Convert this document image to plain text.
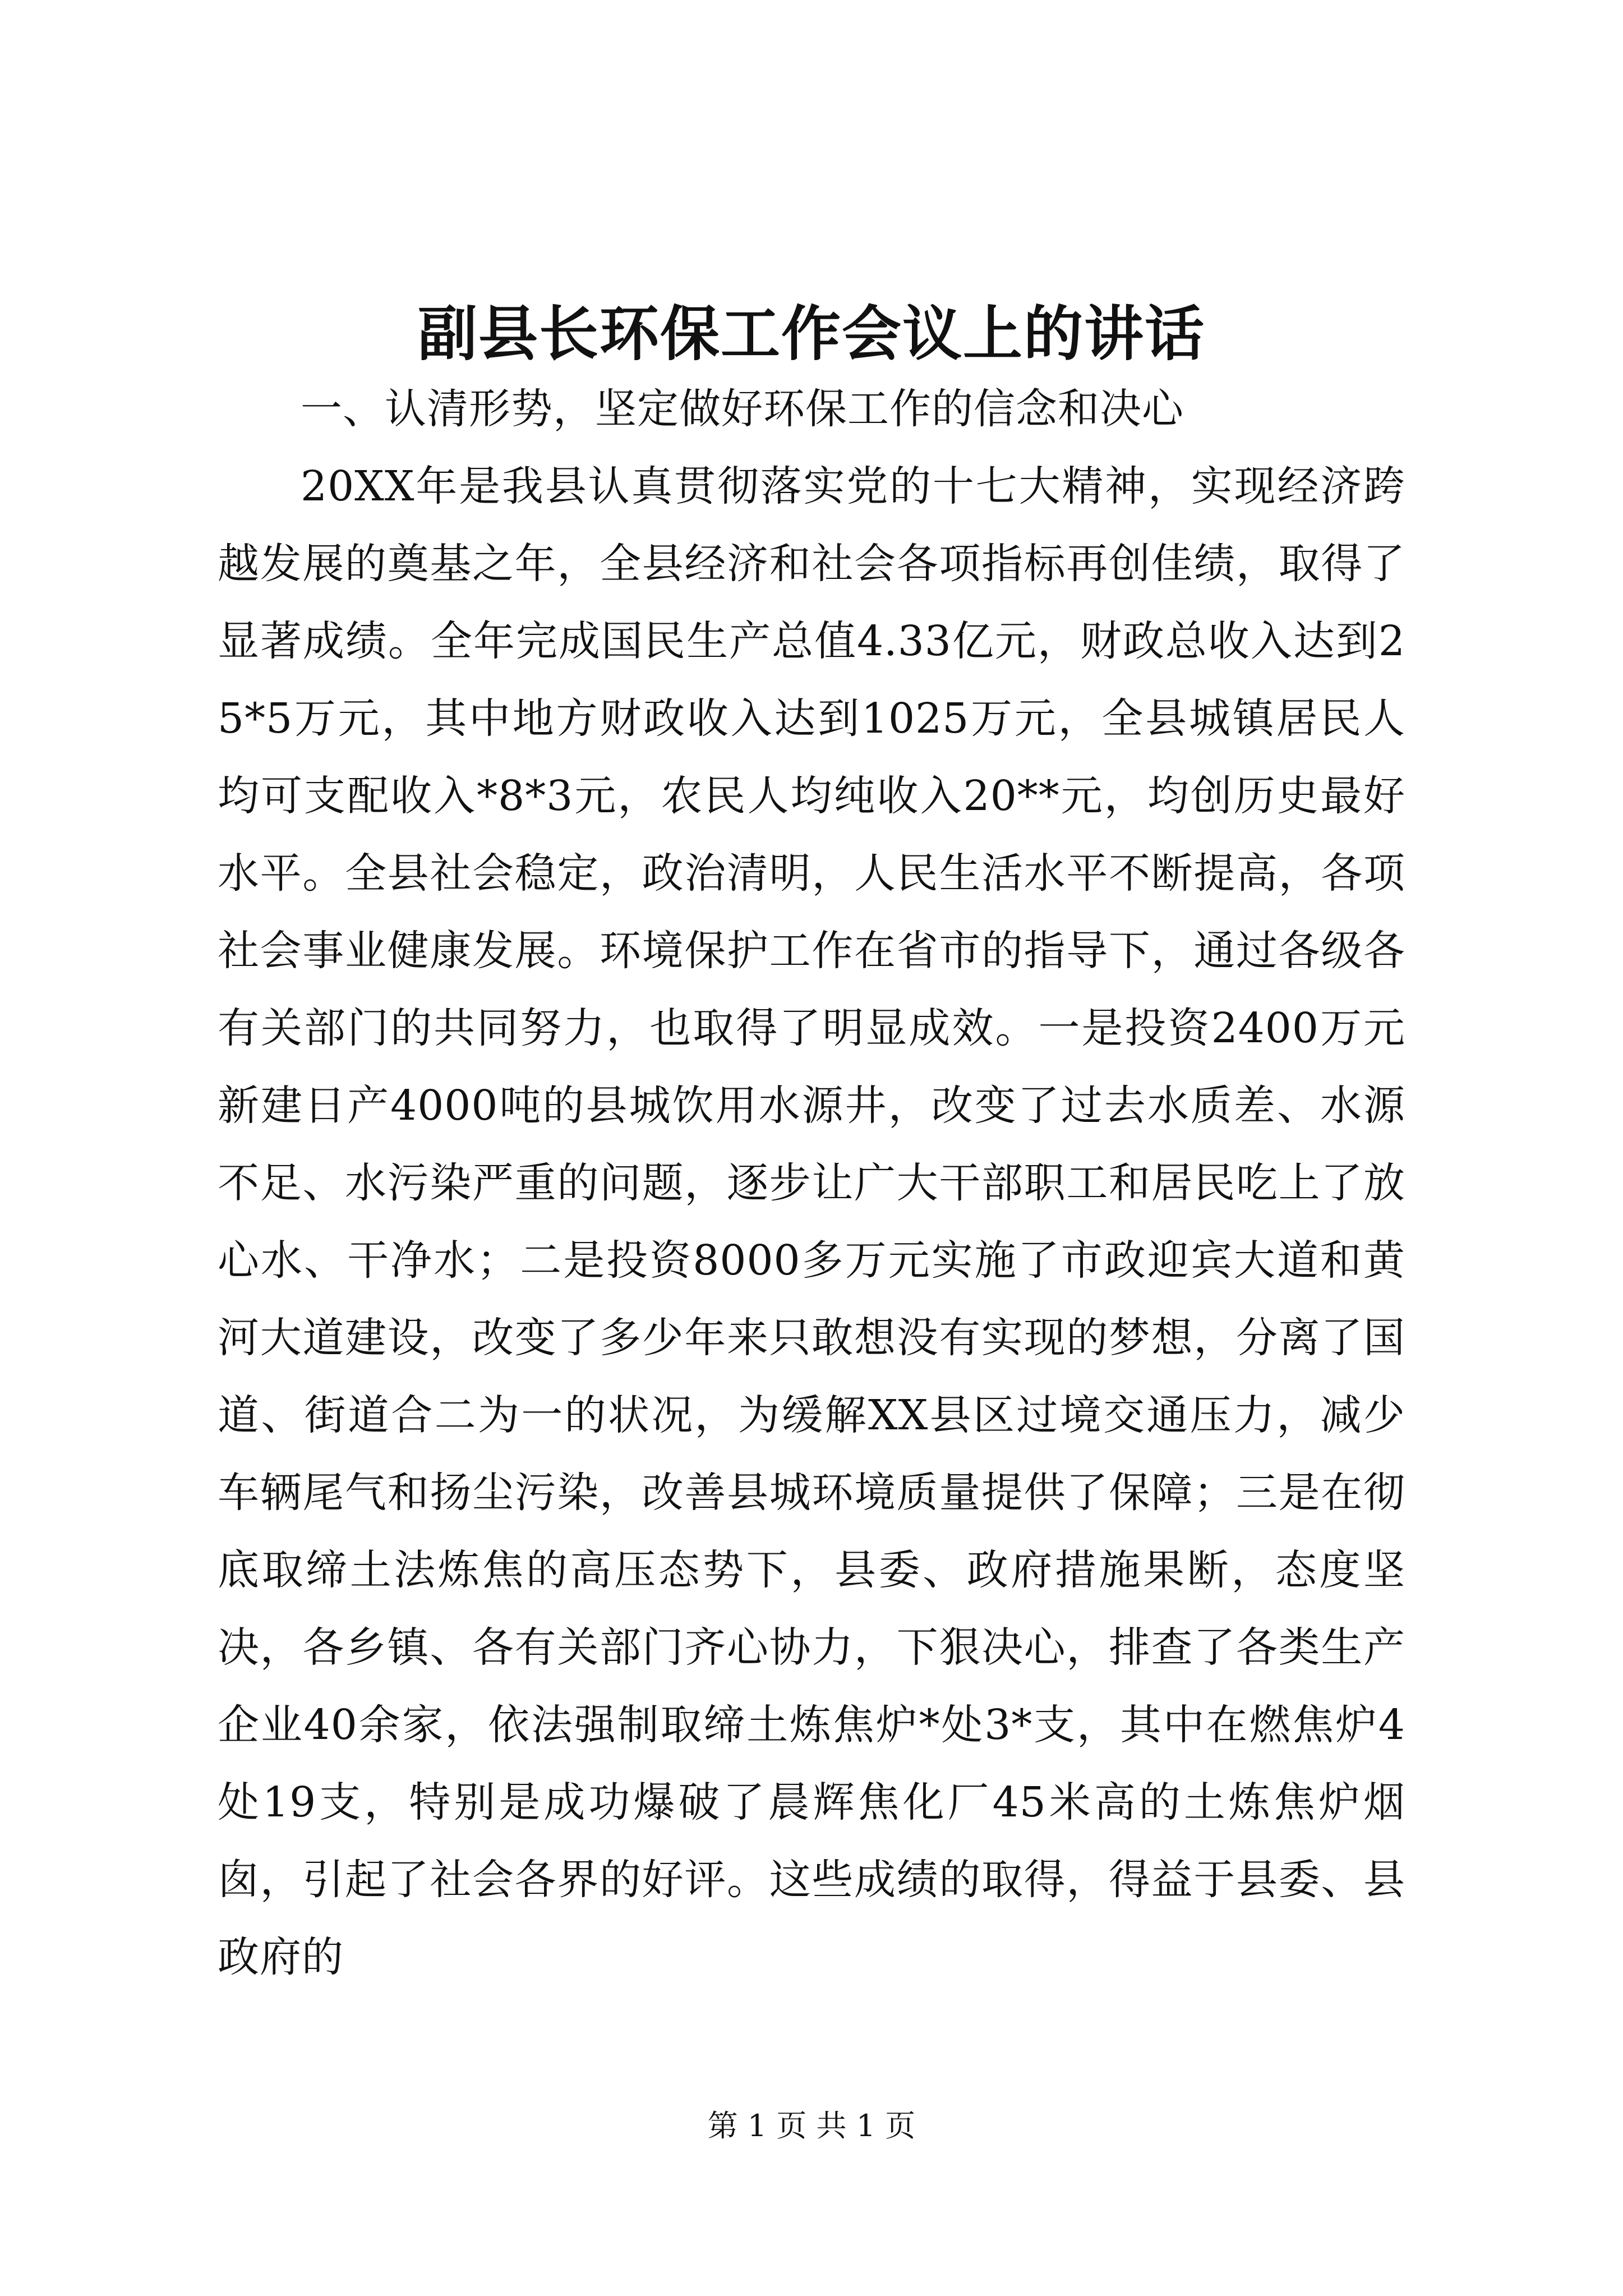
副县长环保工作会议上的讲话

一、认清形势，坚定做好环保工作的信念和决心

20XX年是我县认真贯彻落实党的十七大精神，实现经济跨越发展的奠基之年，全县经济和社会各项指标再创佳绩，取得了显著成绩。全年完成国民生产总值4.33亿元，财政总收入达到25*5万元，其中地方财政收入达到1025万元，全县城镇居民人均可支配收入*8*3元，农民人均纯收入20**元，均创历史最好水平。全县社会稳定，政治清明，人民生活水平不断提高，各项社会事业健康发展。环境保护工作在省市的指导下，通过各级各有关部门的共同努力，也取得了明显成效。一是投资2400万元新建日产4000吨的县城饮用水源井，改变了过去水质差、水源不足、水污染严重的问题，逐步让广大干部职工和居民吃上了放心水、干净水；二是投资8000多万元实施了市政迎宾大道和黄河大道建设，改变了多少年来只敢想没有实现的梦想，分离了国道、街道合二为一的状况，为缓解XX县区过境交通压力，减少车辆尾气和扬尘污染，改善县城环境质量提供了保障；三是在彻底取缔土法炼焦的高压态势下，县委、政府措施果断，态度坚决，各乡镇、各有关部门齐心协力，下狠决心，排查了各类生产企业40余家，依法强制取缔土炼焦炉*处3*支，其中在燃焦炉4处19支，特别是成功爆破了晨辉焦化厂45米高的土炼焦炉烟囱，引起了社会各界的好评。这些成绩的取得，得益于县委、县政府的

第 1 页 共 1 页
